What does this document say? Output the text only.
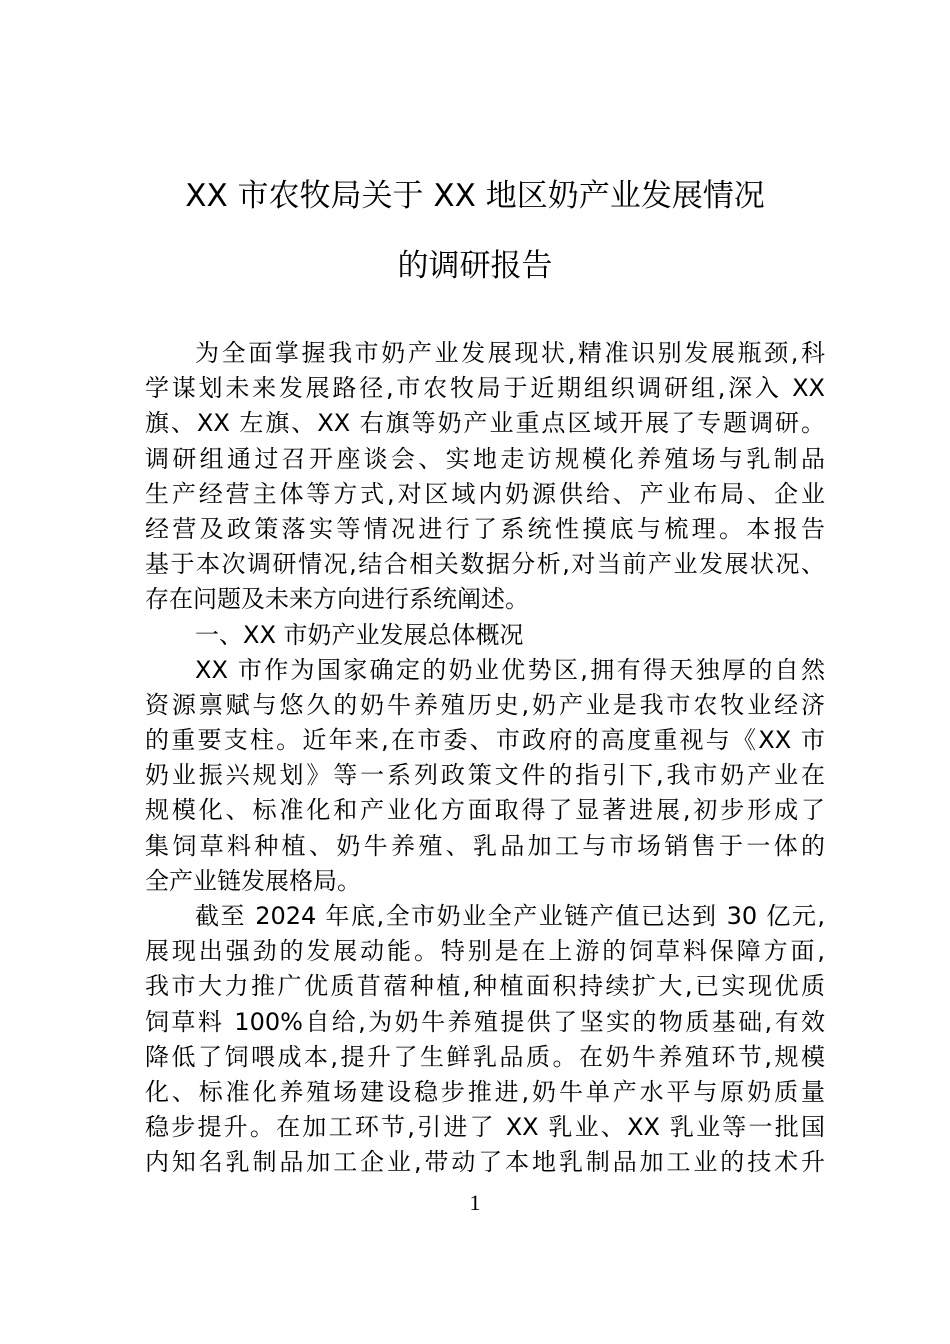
XX 市农牧局关于 XX 地区奶产业发展情况
的调研报告
为全面掌握我市奶产业发展现状,精准识别发展瓶颈,科
学谋划未来发展路径,市农牧局于近期组织调研组,深入 XX
旗、XX 左旗、XX 右旗等奶产业重点区域开展了专题调研。
调研组通过召开座谈会、实地走访规模化养殖场与乳制品
生产经营主体等方式,对区域内奶源供给、产业布局、企业
经营及政策落实等情况进行了系统性摸底与梳理。本报告
基于本次调研情况,结合相关数据分析,对当前产业发展状况、
存在问题及未来方向进行系统阐述。
一、XX 市奶产业发展总体概况
XX 市作为国家确定的奶业优势区,拥有得天独厚的自然
资源禀赋与悠久的奶牛养殖历史,奶产业是我市农牧业经济
的重要支柱。近年来,在市委、市政府的高度重视与《XX 市
奶业振兴规划》等一系列政策文件的指引下,我市奶产业在
规模化、标准化和产业化方面取得了显著进展,初步形成了
集饲草料种植、奶牛养殖、乳品加工与市场销售于一体的
全产业链发展格局。
截至 2024 年底,全市奶业全产业链产值已达到 30 亿元,
展现出强劲的发展动能。特别是在上游的饲草料保障方面,
我市大力推广优质苜蓿种植,种植面积持续扩大,已实现优质
饲草料 100%自给,为奶牛养殖提供了坚实的物质基础,有效
降低了饲喂成本,提升了生鲜乳品质。在奶牛养殖环节,规模
化、标准化养殖场建设稳步推进,奶牛单产水平与原奶质量
稳步提升。在加工环节,引进了 XX 乳业、XX 乳业等一批国
内知名乳制品加工企业,带动了本地乳制品加工业的技术升
1
